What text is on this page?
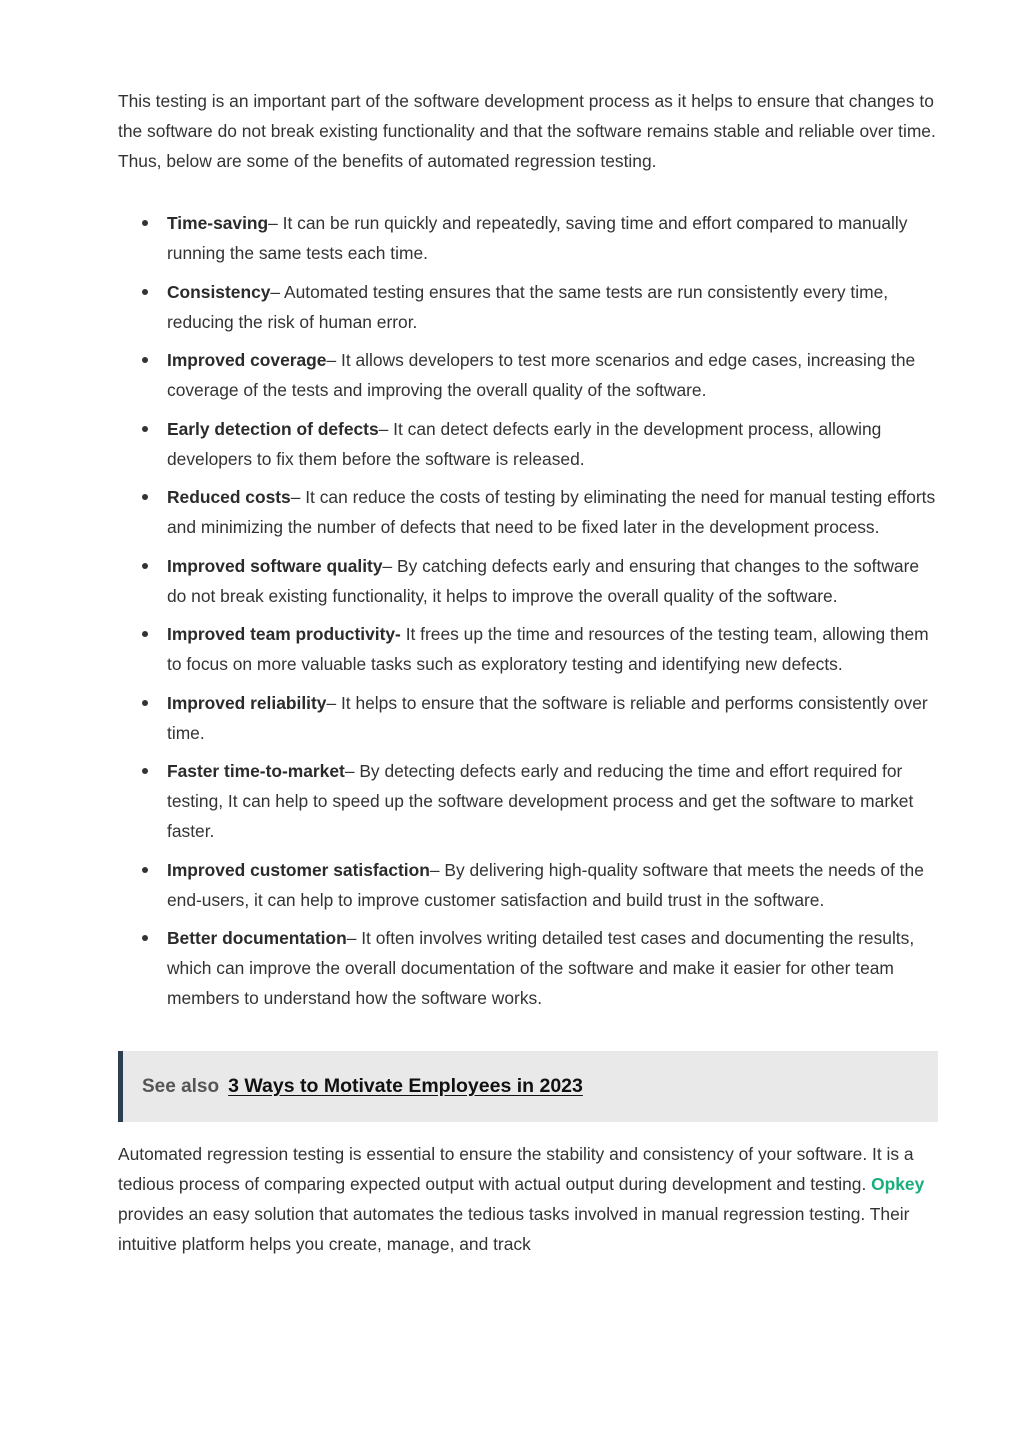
This testing is an important part of the software development process as it helps to ensure that changes to the software do not break existing functionality and that the software remains stable and reliable over time. Thus, below are some of the benefits of automated regression testing.

Time-saving– It can be run quickly and repeatedly, saving time and effort compared to manually running the same tests each time.
Consistency– Automated testing ensures that the same tests are run consistently every time, reducing the risk of human error.
Improved coverage– It allows developers to test more scenarios and edge cases, increasing the coverage of the tests and improving the overall quality of the software.
Early detection of defects– It can detect defects early in the development process, allowing developers to fix them before the software is released.
Reduced costs– It can reduce the costs of testing by eliminating the need for manual testing efforts and minimizing the number of defects that need to be fixed later in the development process.
Improved software quality– By catching defects early and ensuring that changes to the software do not break existing functionality, it helps to improve the overall quality of the software.
Improved team productivity- It frees up the time and resources of the testing team, allowing them to focus on more valuable tasks such as exploratory testing and identifying new defects.
Improved reliability– It helps to ensure that the software is reliable and performs consistently over time.
Faster time-to-market– By detecting defects early and reducing the time and effort required for testing, It can help to speed up the software development process and get the software to market faster.
Improved customer satisfaction– By delivering high-quality software that meets the needs of the end-users, it can help to improve customer satisfaction and build trust in the software.
Better documentation– It often involves writing detailed test cases and documenting the results, which can improve the overall documentation of the software and make it easier for other team members to understand how the software works.
See also 3 Ways to Motivate Employees in 2023

Automated regression testing is essential to ensure the stability and consistency of your software. It is a tedious process of comparing expected output with actual output during development and testing. Opkey provides an easy solution that automates the tedious tasks involved in manual regression testing. Their intuitive platform helps you create, manage, and track
